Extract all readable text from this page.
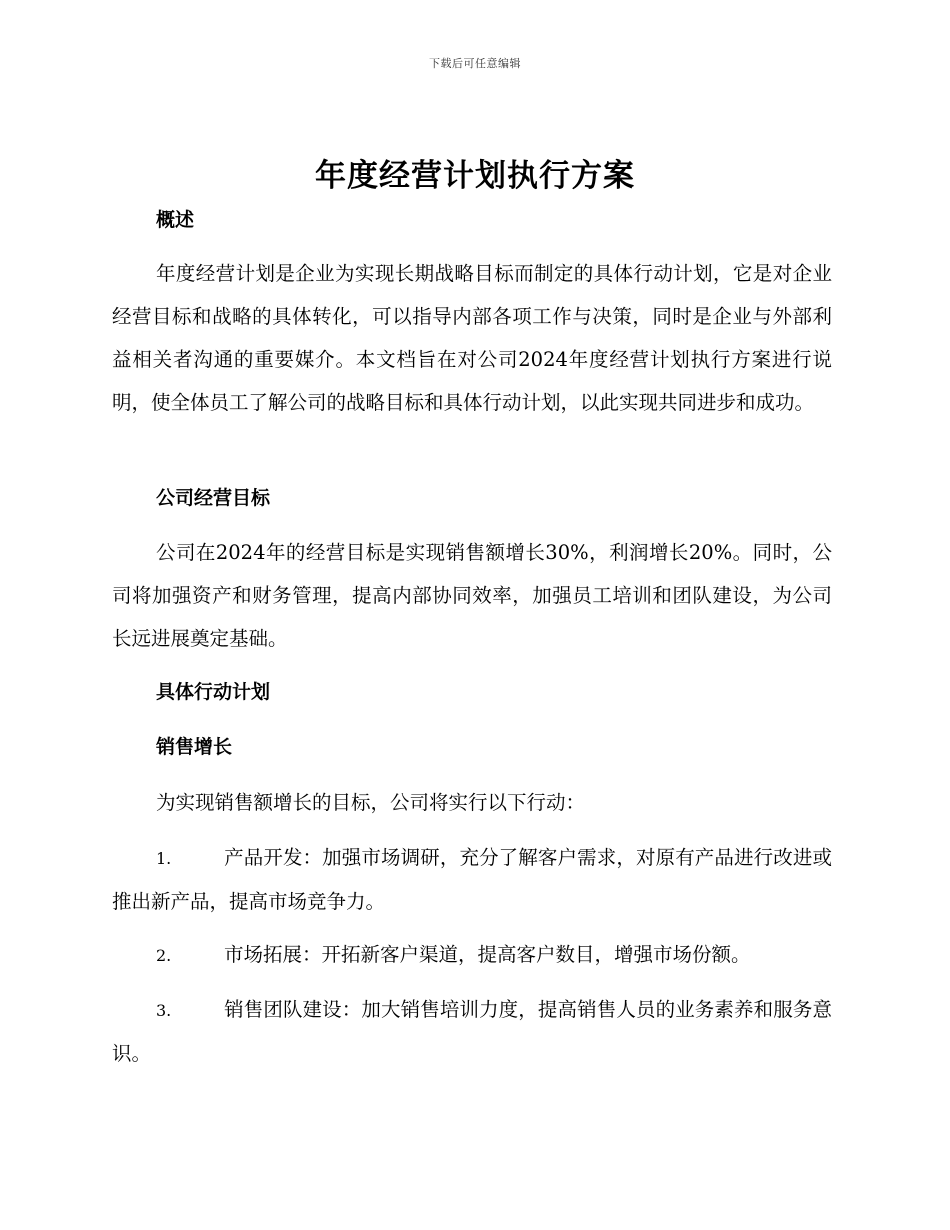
下载后可任意编辑
年度经营计划执行方案
概述

年度经营计划是企业为实现长期战略目标而制定的具体行动计划，它是对企业经营目标和战略的具体转化，可以指导内部各项工作与决策，同时是企业与外部利益相关者沟通的重要媒介。本文档旨在对公司2024年度经营计划执行方案进行说明，使全体员工了解公司的战略目标和具体行动计划，以此实现共同进步和成功。

公司经营目标

公司在2024年的经营目标是实现销售额增长30%，利润增长20%。同时，公司将加强资产和财务管理，提高内部协同效率，加强员工培训和团队建设，为公司长远进展奠定基础。

具体行动计划
销售增长

为实现销售额增长的目标，公司将实行以下行动：

1.	产品开发：加强市场调研，充分了解客户需求，对原有产品进行改进或推出新产品，提高市场竞争力。

2.	市场拓展：开拓新客户渠道，提高客户数目，增强市场份额。

3.	销售团队建设：加大销售培训力度，提高销售人员的业务素养和服务意识。
